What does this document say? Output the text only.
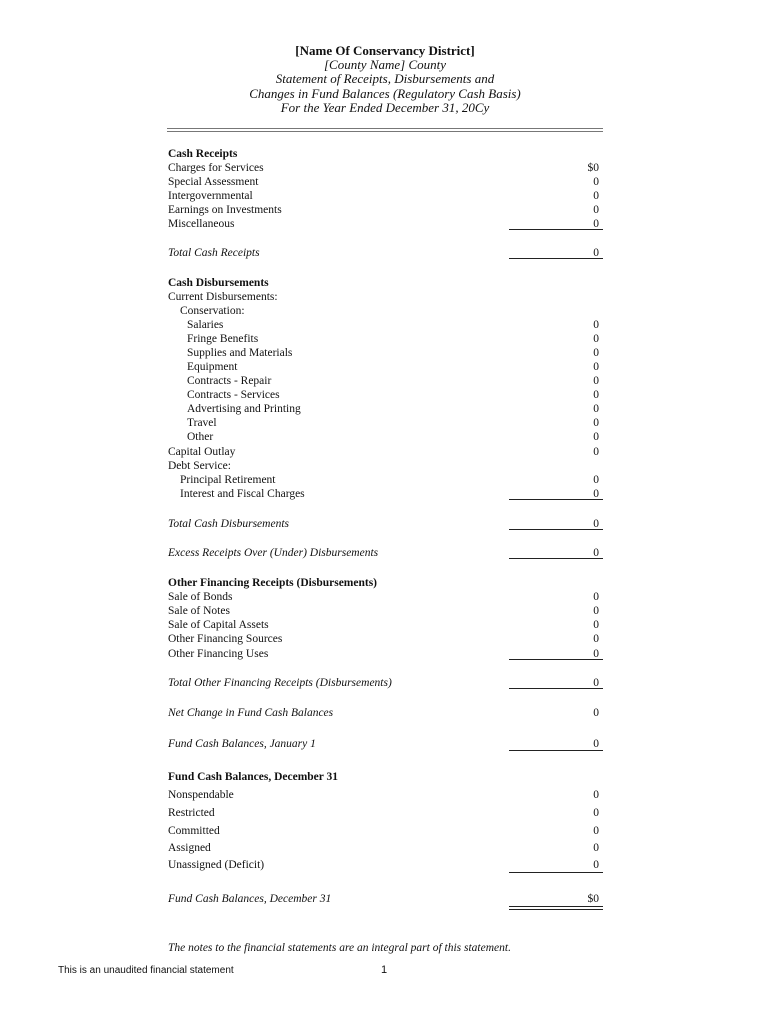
[Name Of Conservancy District]
[County Name] County
Statement of Receipts, Disbursements and
Changes in Fund Balances (Regulatory Cash Basis)
For the Year Ended December 31, 20Cy
Cash Receipts
Charges for Services	$0
Special Assessment	0
Intergovernmental	0
Earnings on Investments	0
Miscellaneous	0
Total Cash Receipts	0
Cash Disbursements
Current Disbursements:
Conservation:
Salaries	0
Fringe Benefits	0
Supplies and Materials	0
Equipment	0
Contracts - Repair	0
Contracts - Services	0
Advertising and Printing	0
Travel	0
Other	0
Capital Outlay	0
Debt Service:
Principal Retirement	0
Interest and Fiscal Charges	0
Total Cash Disbursements	0
Excess Receipts Over (Under) Disbursements	0
Other Financing Receipts (Disbursements)
Sale of Bonds	0
Sale of Notes	0
Sale of Capital Assets	0
Other Financing Sources	0
Other Financing Uses	0
Total Other Financing Receipts (Disbursements)	0
Net Change in Fund Cash Balances	0
Fund Cash Balances, January 1	0
Fund Cash Balances, December 31
Nonspendable	0
Restricted	0
Committed	0
Assigned	0
Unassigned (Deficit)	0
Fund Cash Balances, December 31	$0
The notes to the financial statements are an integral part of this statement.
This is an unaudited financial statement	1
